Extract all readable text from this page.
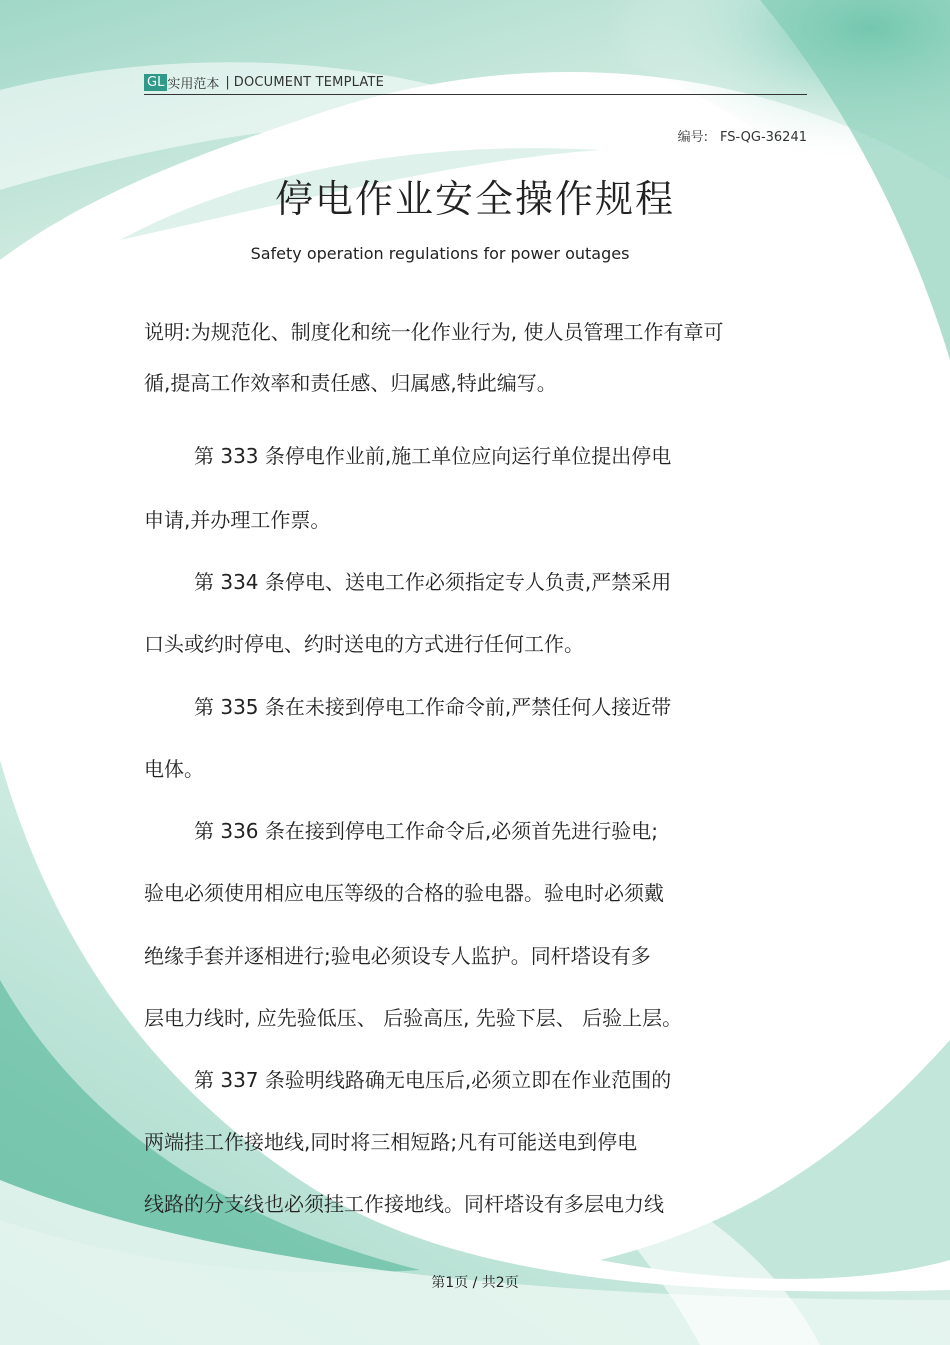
GL 实用范本 | DOCUMENT TEMPLATE
编号: FS-QG-36241
停电作业安全操作规程
Safety operation regulations for power outages
说明:为规范化、制度化和统一化作业行为, 使人员管理工作有章可
循,提高工作效率和责任感、归属感,特此编写。
第 333 条停电作业前,施工单位应向运行单位提出停电
申请,并办理工作票。
第 334 条停电、送电工作必须指定专人负责,严禁采用
口头或约时停电、约时送电的方式进行任何工作。
第 335 条在未接到停电工作命令前,严禁任何人接近带
电体。
第 336 条在接到停电工作命令后,必须首先进行验电;
验电必须使用相应电压等级的合格的验电器。验电时必须戴
绝缘手套并逐相进行;验电必须设专人监护。同杆塔设有多
层电力线时, 应先验低压、 后验高压, 先验下层、 后验上层。
第 337 条验明线路确无电压后,必须立即在作业范围的
两端挂工作接地线,同时将三相短路;凡有可能送电到停电
线路的分支线也必须挂工作接地线。同杆塔设有多层电力线
第1页 / 共2页
